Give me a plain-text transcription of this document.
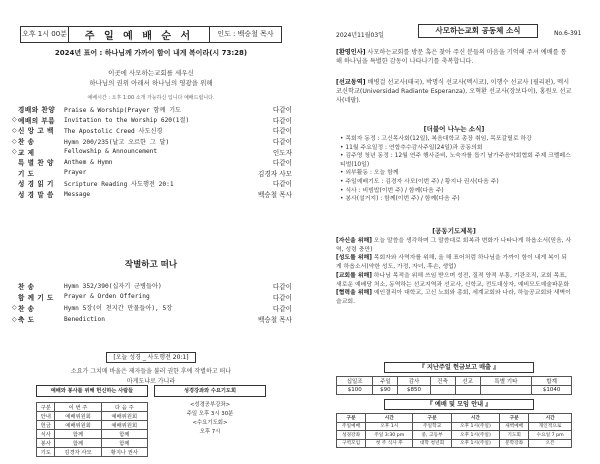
오후 1시 00분	주 일 예 배 순 서	인도 : 백승철 목사
2024년 표어 : 하나님께 가까이 함이 내게 복이라(시 73:28)
이곳에 사모하는교회를 세우신
하나님의 권위 아래서 하나님의 영광을 위해
예배시간 : 오후 1:00 소개 가능하신 입니다 예배드립니다.
경배와 찬양	Praise & Worship(Prayer 함께 기도	다같이
◇ 예배의 부름	Invitation to the Worship 620(1절)	다같이
◇ 신 앙 고 백	The Apostolic Creed 사도신경	다같이
◇ 찬 송	Hymn 200/235(날고 오르한 그 달)	다같이
◇ 교 제	Fellowship & Announcement	인도자
특 별 찬 양	Anthem & Hymn	다같이
기 도	Prayer	김경자 사모
성 경 읽 기	Scripture Reading 사도행전 20:1	다같이
성 경 말 씀	Message	백승철 목사
작별하고 떠나
찬 송	Hymn 352/390(십자기 군병들아)	다같이
함 께 기 도	Prayer & Orden Offering	다같이
◇ 찬 송	Hymn 5장(이 천지간 만물들아), 5장	다같이
◇ 축 도	Benediction	백승철 목사
[오늘 성경 _ 사도행전 20:1]
소요가 그치매 바울은 제자들을 불러 권한 후에 작별하고 떠나
마게도냐로 가니라
예배와 봉사를 위해 헌신하는 사람들	성경강좌와 수요기도회
구분	이 번 주	다 음 주
안내	예배위원회	예배위원회
헌금	예배위원회	예배위원회
식사	함께	함께
봉사	함께	함께
기도	김경자 사모	황지나 권사
<성경공부강좌>
주일 오후 3시 30분
<수요기도회>
오후 7시
2024년11월03일
사모하는교회 공동체 소식	No.6-391
[환영인사] 사모하는교회를 방문 혹은 찾아 주신 분들의 마음을 기억해 주셔 예배를 통해 하나님을 특별한 감동이 나타나기를 축복합니다.
[선교동역] 배병걸 선교사(태국), 박명식 선교사(멕시코), 이행수 선교사 (필리핀), 멕시코신학교(Universidad Radiante Esperanza), 오혁환 선교사(장보다이), 홍원오 선교사(네팔).
[더불어 나누는 소식]
• 목회자 동정 : 고신목사회(12일), 복음대학교 총장 취임, 목포갈릴로 하강
• 11월 주요일정 : 연합추수감사주일(24일)과 공동의회
• 김주영 청년 동정 : 12월 연주 행사준비, 노숙자를 돕기 날가주음악회협회 주제 크렐페스티벌(10일)
• 외부활동 : 오늘 함께
• 주일예배기도 : 김경자 사모(이번 주) / 황지나 권사(다음 주)
• 식사 : 비빔밥(이번 주) / 함께(다음 주)
• 봉사(설거지) : 함께(이번 주) / 함께(다음 주)
[공동기도제목]
[자신을 위해] 오늘 말씀을 생각하며 그 말씀대로 회복과 변화가 나타나게 하옵소서(믿음, 사역, 성령 충만)
[성도를 위해] 목회자와 사역자를 위해, 올 해 표어처럼 하나님을 가까이 함이 내게 복이 되게 하옵소서(약한 성도, 가정, 자녀, 후손, 생업)
[교회를 위해] 하나님 목적을 위해 쓰임 받으며 성전, 질적 양적 부흥, 기관조직, 교회 목표, 새로운 예배당 처소, 동역하는 선교지역과 선교사, 신학교, 전도대상자, 예비모도예술파문화
[협력을 위해] 예인결리아 대학교, 고신 노회와 총회, 세계교회와 나라, 하늘공교회와 새벽이슬교회.
『 지난주일 헌금보고 매출 』
십일조	주일	감사	건축	선교	특별 기타	합계
$100	$90	$850				$1040
『 예배 및 모임 안내 』
구분	시간	구분	시간	구분	시간
주일예배	오후 1시	주일학교	오후 1시(주일)	새벽예배	개인적으로
성경강좌	주일 3:30 pm	중, 고등부	오후 1시(주일)	기도회	수요일 7 pm
구역모임	첫 주 식사 후	대학 청년회	오후 1시(주일)	문학강좌	오픈
